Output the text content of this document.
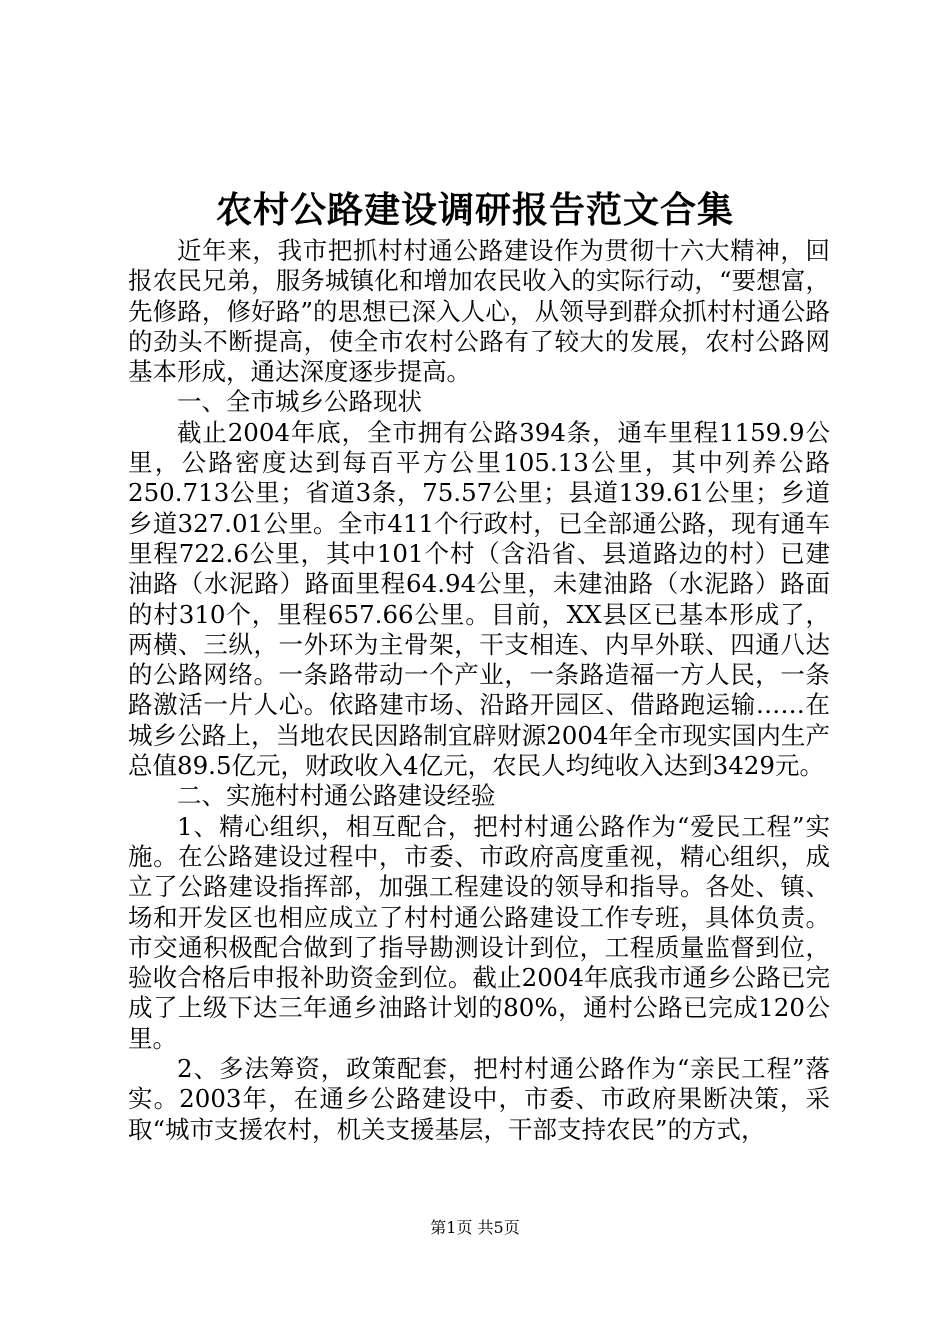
农村公路建设调研报告范文合集

近年来，我市把抓村村通公路建设作为贯彻十六大精神，回报农民兄弟，服务城镇化和增加农民收入的实际行动，“要想富，先修路，修好路”的思想已深入人心，从领导到群众抓村村通公路的劲头不断提高，使全市农村公路有了较大的发展，农村公路网基本形成，通达深度逐步提高。

一、全市城乡公路现状

截止2004年底，全市拥有公路394条，通车里程1159.9公里，公路密度达到每百平方公里105.13公里，其中列养公路250.713公里；省道3条，75.57公里；县道139.61公里；乡道乡道327.01公里。全市411个行政村，已全部通公路，现有通车里程722.6公里，其中101个村（含沿省、县道路边的村）已建油路（水泥路）路面里程64.94公里，未建油路（水泥路）路面的村310个，里程657.66公里。目前，XX县区已基本形成了，两横、三纵，一外环为主骨架，干支相连、内早外联、四通八达的公路网络。一条路带动一个产业，一条路造福一方人民，一条路激活一片人心。依路建市场、沿路开园区、借路跑运输……在城乡公路上，当地农民因路制宜辟财源2004年全市现实国内生产总值89.5亿元，财政收入4亿元，农民人均纯收入达到3429元。

二、实施村村通公路建设经验

1、精心组织，相互配合，把村村通公路作为“爱民工程”实施。在公路建设过程中，市委、市政府高度重视，精心组织，成立了公路建设指挥部，加强工程建设的领导和指导。各处、镇、场和开发区也相应成立了村村通公路建设工作专班，具体负责。市交通积极配合做到了指导勘测设计到位，工程质量监督到位，验收合格后申报补助资金到位。截止2004年底我市通乡公路已完成了上级下达三年通乡油路计划的80%，通村公路已完成120公里。

2、多法筹资，政策配套，把村村通公路作为“亲民工程”落实。2003年，在通乡公路建设中，市委、市政府果断决策，采取“城市支援农村，机关支援基层，干部支持农民”的方式，

第1页 共5页
